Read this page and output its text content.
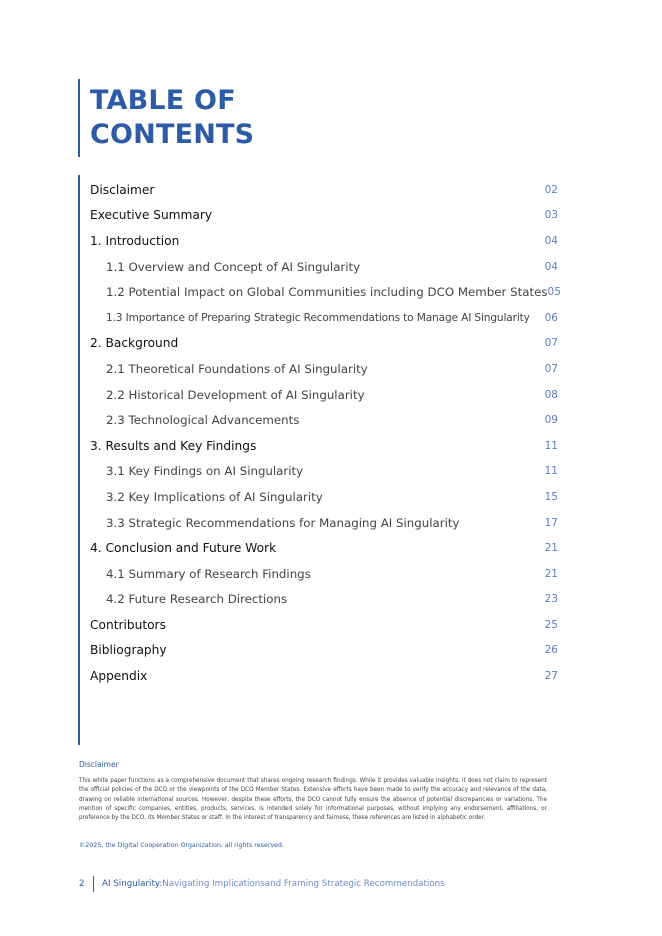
TABLE OF
CONTENTS
Disclaimer	02
Executive Summary	03
1. Introduction	04
1.1 Overview and Concept of AI Singularity	04
1.2 Potential Impact on Global Communities including DCO Member States 05
1.3 Importance of Preparing Strategic Recommendations to Manage AI Singularity 06
2. Background	07
2.1 Theoretical Foundations of AI Singularity	07
2.2 Historical Development of AI Singularity	08
2.3 Technological Advancements	09
3. Results and Key Findings	11
3.1 Key Findings on AI Singularity	11
3.2 Key Implications of AI Singularity	15
3.3 Strategic Recommendations for Managing AI Singularity	17
4. Conclusion and Future Work	21
4.1 Summary of Research Findings	21
4.2 Future Research Directions	23
Contributors	25
Bibliography	26
Appendix	27
Disclaimer

This white paper functions as a comprehensive document that shares ongoing research findings. While it provides valuable insights, it does not claim to represent the official policies of the DCO or the viewpoints of the DCO Member States. Extensive efforts have been made to verify the accuracy and relevance of the data, drawing on reliable international sources. However, despite these efforts, the DCO cannot fully ensure the absence of potential discrepancies or variations. The mention of specific companies, entities, products, services, is intended solely for informational purposes, without implying any endorsement, affiliations, or preference by the DCO, its Member States or staff. In the interest of transparency and fairness, these references are listed in alphabetic order.

©2025, the Digital Cooperation Organization, all rights reserved.
2 AI Singularity: Navigating Implicationsand Framing Strategic Recommendations
